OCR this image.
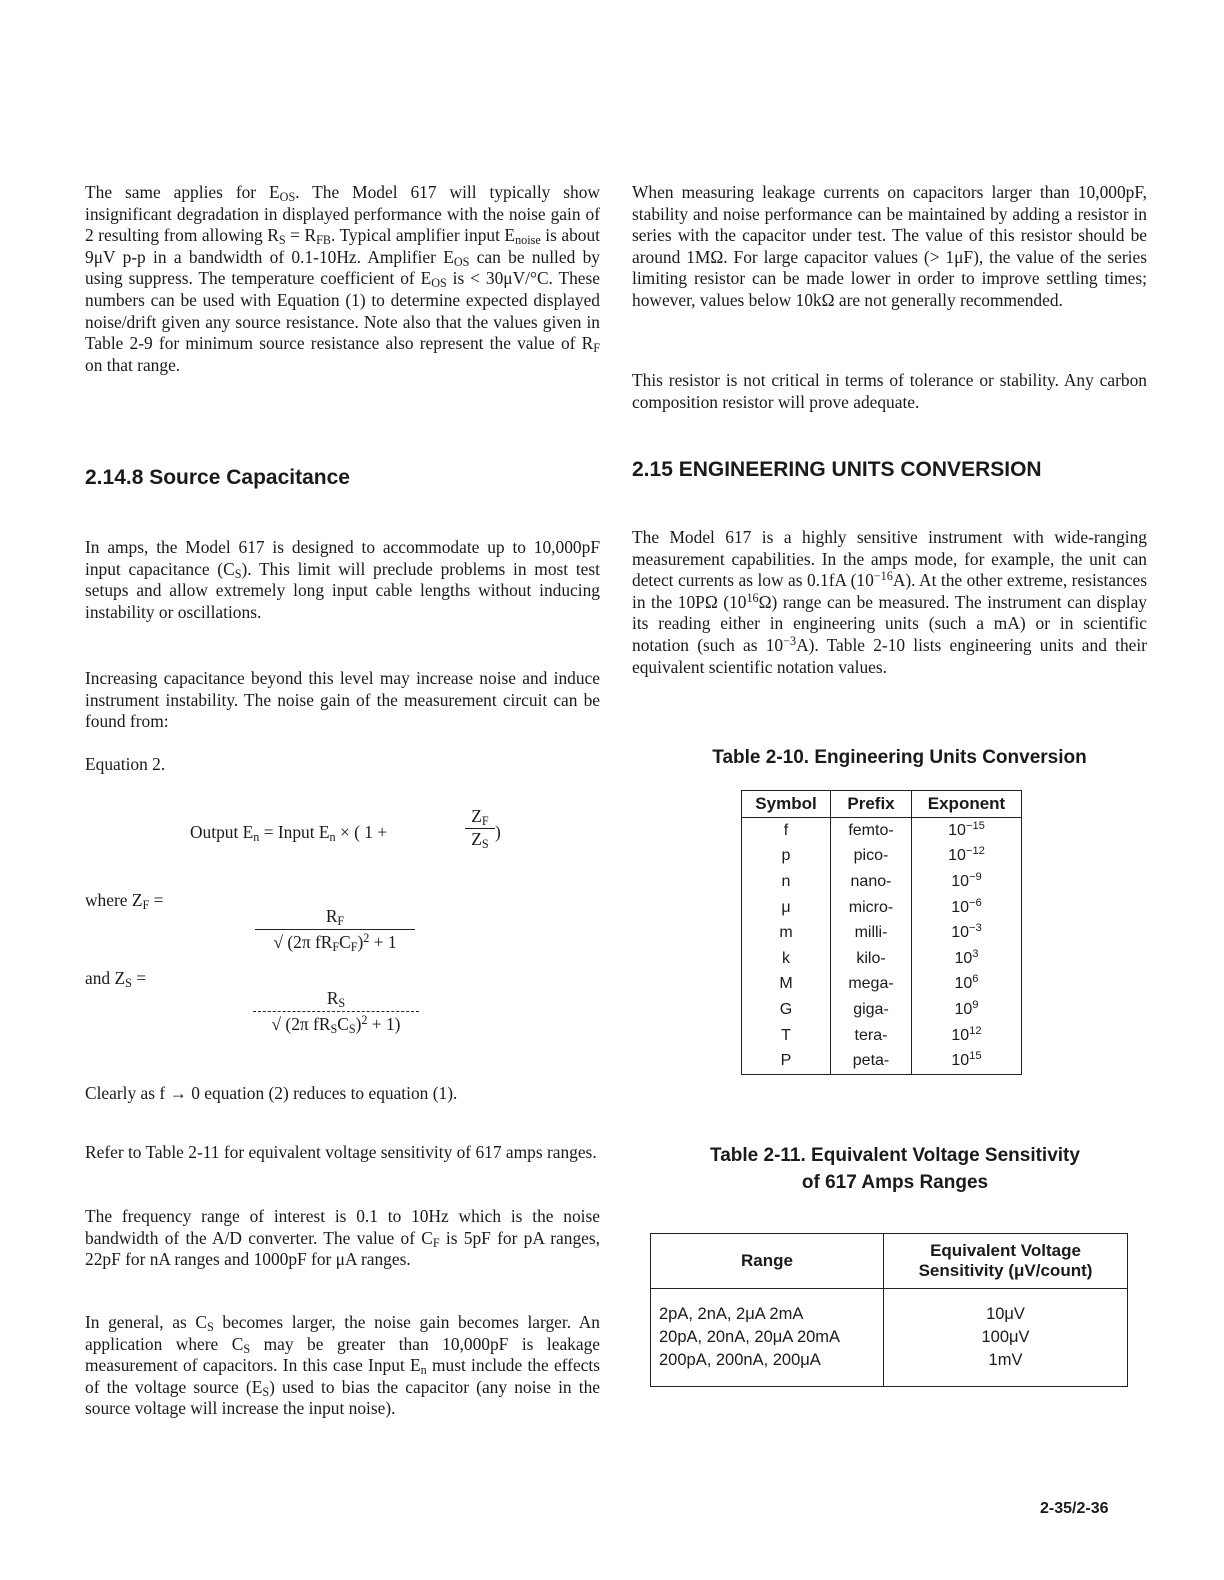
The same applies for $E_{OS}$. The Model 617 will typically show insignificant degradation in displayed performance with the noise gain of 2 resulting from allowing $R_S = R_{FB}$. Typical amplifier input $E_{noise}$ is about 9μV p-p in a bandwidth of 0.1-10Hz. Amplifier $E_{OS}$ can be nulled by using suppress. The temperature coefficient of $E_{OS}$ is < 30μV/°C. These numbers can be used with Equation (1) to determine expected displayed noise/drift given any source resistance. Note also that the values given in Table 2-9 for minimum source resistance also represent the value of $R_F$ on that range.

2.14.8 Source Capacitance

In amps, the Model 617 is designed to accommodate up to 10,000pF input capacitance $(C_S)$. This limit will preclude problems in most test setups and allow extremely long input cable lengths without inducing instability or oscillations.

Increasing capacitance beyond this level may increase noise and induce instrument instability. The noise gain of the measurement circuit can be found from:

Equation 2.

Output $E_n$ = Input $E_n$ × ( 1 +
$Z_F$
$Z_S$
)
where $Z_F$ =
$R_F$
√ (2π $fR_FC_F)^2 + 1$
and $Z_S$ =
$R_S$
√ (2π $fR_SC_S)^2 + 1$)

Clearly as f → 0 equation (2) reduces to equation (1).

Refer to Table 2-11 for equivalent voltage sensitivity of 617 amps ranges.

The frequency range of interest is 0.1 to 10Hz which is the noise bandwidth of the A/D converter. The value of $C_F$ is 5pF for pA ranges, 22pF for nA ranges and 1000pF for μA ranges.

In general, as $C_S$ becomes larger, the noise gain becomes larger. An application where $C_S$ may be greater than 10,000pF is leakage measurement of capacitors. In this case Input $E_n$ must include the effects of the voltage source $(E_S)$ used to bias the capacitor (any noise in the source voltage will increase the input noise).

When measuring leakage currents on capacitors larger than 10,000pF, stability and noise performance can be maintained by adding a resistor in series with the capacitor under test. The value of this resistor should be around 1MΩ. For large capacitor values (> 1μF), the value of the series limiting resistor can be made lower in order to improve settling times; however, values below 10kΩ are not generally recommended.

This resistor is not critical in terms of tolerance or stability. Any carbon composition resistor will prove adequate.

2.15 ENGINEERING UNITS CONVERSION

The Model 617 is a highly sensitive instrument with wide-ranging measurement capabilities. In the amps mode, for example, the unit can detect currents as low as 0.1fA $(10^{-16}A)$. At the other extreme, resistances in the 10PΩ $(10^{16}\Omega)$ range can be measured. The instrument can display its reading either in engineering units (such a mA) or in scientific notation (such as $10^{-3}A$). Table 2-10 lists engineering units and their equivalent scientific notation values.

Table 2-10. Engineering Units Conversion

Symbol	Prefix	Exponent
f	femto-	$10^{-15}$
p	pico-	$10^{-12}$
n	nano-	$10^{-9}$
μ	micro-	$10^{-6}$
m	milli-	$10^{-3}$
k	kilo-	$10^3$
M	mega-	$10^6$
G	giga-	$10^9$
T	tera-	$10^{12}$
P	peta-	$10^{15}$

Table 2-11. Equivalent Voltage Sensitivity
of 617 Amps Ranges

Range	Equivalent Voltage
Sensitivity (μV/count)
2pA, 2nA, 2μA 2mA	10μV
20pA, 20nA, 20μA 20mA	100μV
200pA, 200nA, 200μA	1mV
2-35/2-36
